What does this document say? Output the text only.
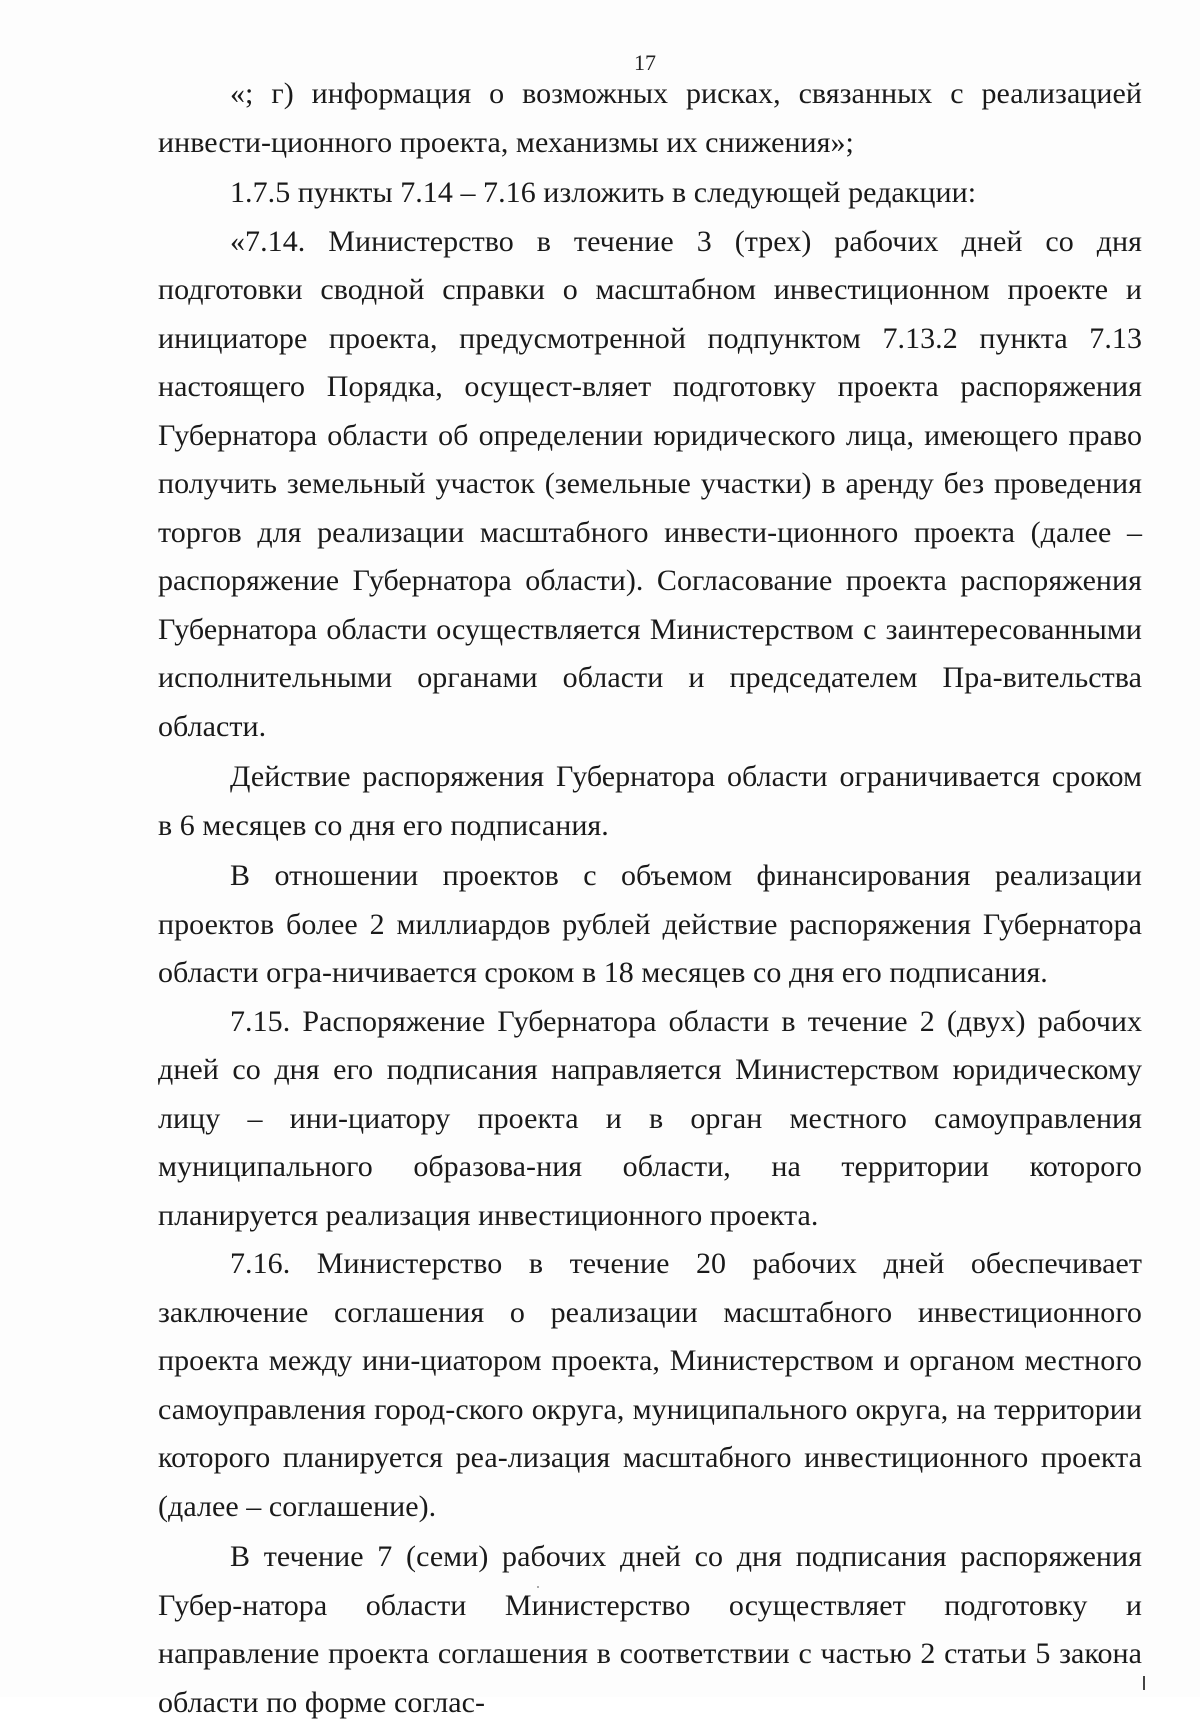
17

«; г) информация о возможных рисках, связанных с реализацией инвести-ционного проекта, механизмы их снижения»;

1.7.5 пункты 7.14 – 7.16 изложить в следующей редакции:

«7.14. Министерство в течение 3 (трех) рабочих дней со дня подготовки сводной справки о масштабном инвестиционном проекте и инициаторе проекта, предусмотренной подпунктом 7.13.2 пункта 7.13 настоящего Порядка, осущест-вляет подготовку проекта распоряжения Губернатора области об определении юридического лица, имеющего право получить земельный участок (земельные участки) в аренду без проведения торгов для реализации масштабного инвести-ционного проекта (далее – распоряжение Губернатора области). Согласование проекта распоряжения Губернатора области осуществляется Министерством с заинтересованными исполнительными органами области и председателем Пра-вительства области.

Действие распоряжения Губернатора области ограничивается сроком в 6 месяцев со дня его подписания.

В отношении проектов с объемом финансирования реализации проектов более 2 миллиардов рублей действие распоряжения Губернатора области огра-ничивается сроком в 18 месяцев со дня его подписания.

7.15. Распоряжение Губернатора области в течение 2 (двух) рабочих дней со дня его подписания направляется Министерством юридическому лицу – ини-циатору проекта и в орган местного самоуправления муниципального образова-ния области, на территории которого планируется реализация инвестиционного проекта.

7.16. Министерство в течение 20 рабочих дней обеспечивает заключение соглашения о реализации масштабного инвестиционного проекта между ини-циатором проекта, Министерством и органом местного самоуправления город-ского округа, муниципального округа, на территории которого планируется реа-лизация масштабного инвестиционного проекта (далее – соглашение).

В течение 7 (семи) рабочих дней со дня подписания распоряжения Губер-натора области Министерство осуществляет подготовку и направление проекта соглашения в соответствии с частью 2 статьи 5 закона области по форме соглас-
